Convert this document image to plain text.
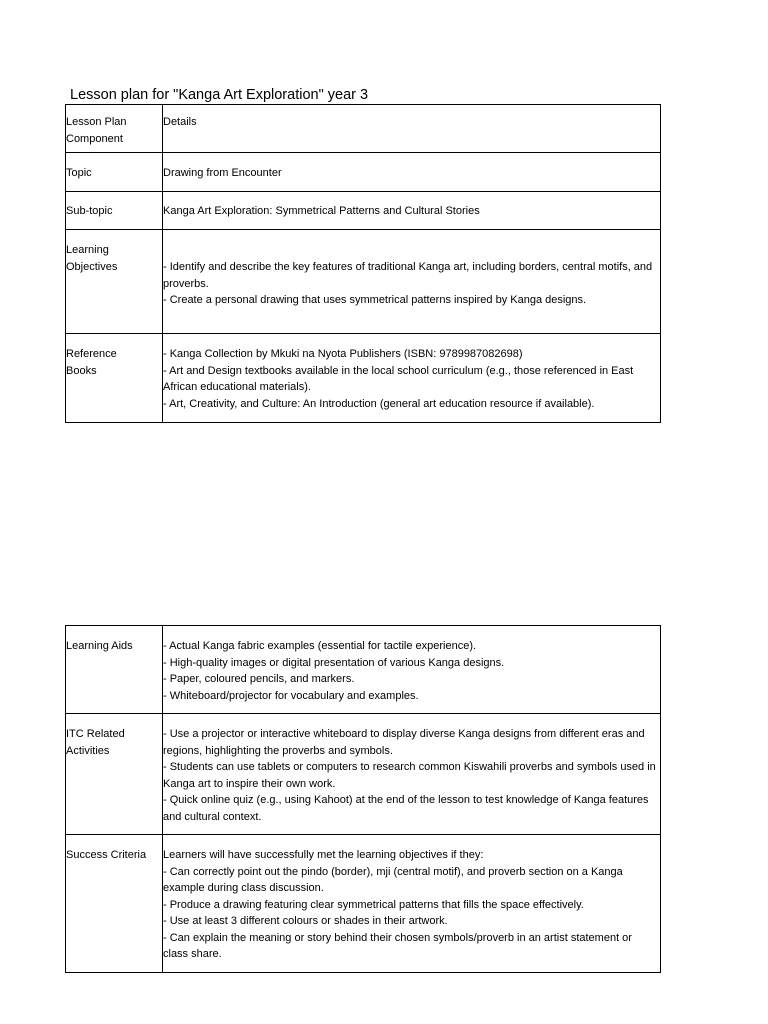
Lesson plan for "Kanga Art Exploration" year 3
Lesson Plan Component	Details

Topic	Drawing from Encounter

Sub-topic	Kanga Art Exploration: Symmetrical Patterns and Cultural Stories

Learning Objectives	- Identify and describe the key features of traditional Kanga art, including borders, central motifs, and proverbs.
- Create a personal drawing that uses symmetrical patterns inspired by Kanga designs.

Reference Books	- Kanga Collection by Mkuki na Nyota Publishers (ISBN: 9789987082698)
- Art and Design textbooks available in the local school curriculum (e.g., those referenced in East African educational materials).
- Art, Creativity, and Culture: An Introduction (general art education resource if available).
Learning Aids	- Actual Kanga fabric examples (essential for tactile experience).
- High-quality images or digital presentation of various Kanga designs.
- Paper, coloured pencils, and markers.
- Whiteboard/projector for vocabulary and examples.

ITC Related Activities	- Use a projector or interactive whiteboard to display diverse Kanga designs from different eras and regions, highlighting the proverbs and symbols.
- Students can use tablets or computers to research common Kiswahili proverbs and symbols used in Kanga art to inspire their own work.
- Quick online quiz (e.g., using Kahoot) at the end of the lesson to test knowledge of Kanga features and cultural context.

Success Criteria	Learners will have successfully met the learning objectives if they:
- Can correctly point out the pindo (border), mji (central motif), and proverb section on a Kanga example during class discussion.
- Produce a drawing featuring clear symmetrical patterns that fills the space effectively.
- Use at least 3 different colours or shades in their artwork.
- Can explain the meaning or story behind their chosen symbols/proverb in an artist statement or class share.
